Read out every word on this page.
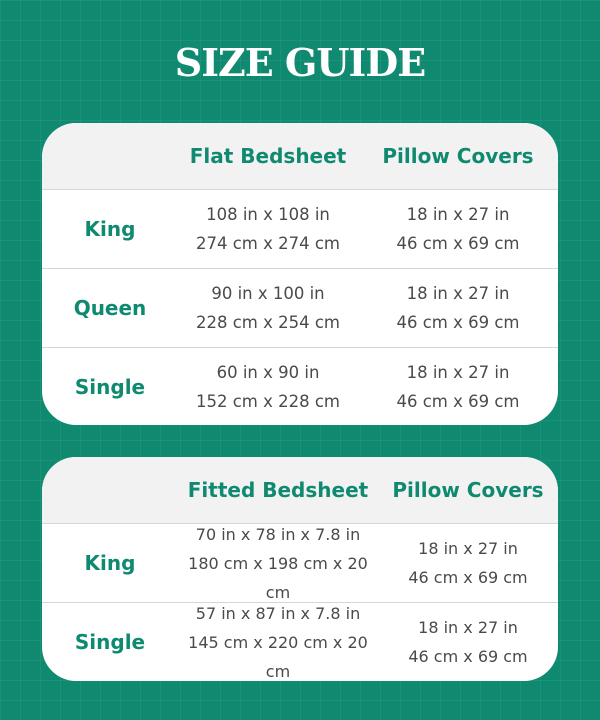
SIZE GUIDE
Flat Bedsheet	Pillow Covers
King
108 in x 108 in
274 cm x 274 cm
18 in x 27 in
46 cm x 69 cm
Queen
90 in x 100 in
228 cm x 254 cm
18 in x 27 in
46 cm x 69 cm
Single
60 in x 90 in
152 cm x 228 cm
18 in x 27 in
46 cm x 69 cm
Fitted Bedsheet	Pillow Covers
King
70 in x 78 in x 7.8 in
180 cm x 198 cm x 20 cm
18 in x 27 in
46 cm x 69 cm
Single
57 in x 87 in x 7.8 in
145 cm x 220 cm x 20 cm
18 in x 27 in
46 cm x 69 cm
